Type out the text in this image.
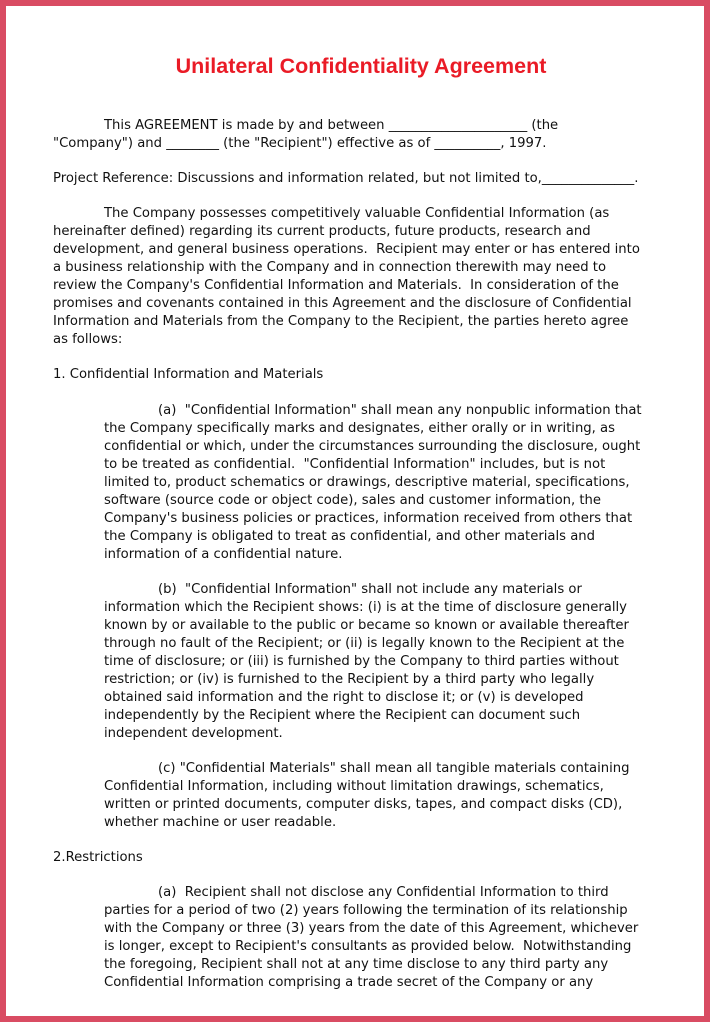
Unilateral Confidentiality Agreement

This AGREEMENT is made by and between _____________________ (the

"Company") and ________ (the "Recipient") effective as of __________, 1997.

Project Reference: Discussions and information related, but not limited to,______________.

The Company possesses competitively valuable Confidential Information (as

hereinafter defined) regarding its current products, future products, research and

development, and general business operations.  Recipient may enter or has entered into

a business relationship with the Company and in connection therewith may need to

review the Company's Confidential Information and Materials.  In consideration of the

promises and covenants contained in this Agreement and the disclosure of Confidential

Information and Materials from the Company to the Recipient, the parties hereto agree

as follows:

1. Confidential Information and Materials

(a)  "Confidential Information" shall mean any nonpublic information that

the Company specifically marks and designates, either orally or in writing, as

confidential or which, under the circumstances surrounding the disclosure, ought

to be treated as confidential.  "Confidential Information" includes, but is not

limited to, product schematics or drawings, descriptive material, specifications,

software (source code or object code), sales and customer information, the

Company's business policies or practices, information received from others that

the Company is obligated to treat as confidential, and other materials and

information of a confidential nature.

(b)  "Confidential Information" shall not include any materials or

information which the Recipient shows: (i) is at the time of disclosure generally

known by or available to the public or became so known or available thereafter

through no fault of the Recipient; or (ii) is legally known to the Recipient at the

time of disclosure; or (iii) is furnished by the Company to third parties without

restriction; or (iv) is furnished to the Recipient by a third party who legally

obtained said information and the right to disclose it; or (v) is developed

independently by the Recipient where the Recipient can document such

independent development.

(c) "Confidential Materials" shall mean all tangible materials containing

Confidential Information, including without limitation drawings, schematics,

written or printed documents, computer disks, tapes, and compact disks (CD),

whether machine or user readable.

2.Restrictions

(a)  Recipient shall not disclose any Confidential Information to third

parties for a period of two (2) years following the termination of its relationship

with the Company or three (3) years from the date of this Agreement, whichever

is longer, except to Recipient's consultants as provided below.  Notwithstanding

the foregoing, Recipient shall not at any time disclose to any third party any

Confidential Information comprising a trade secret of the Company or any
